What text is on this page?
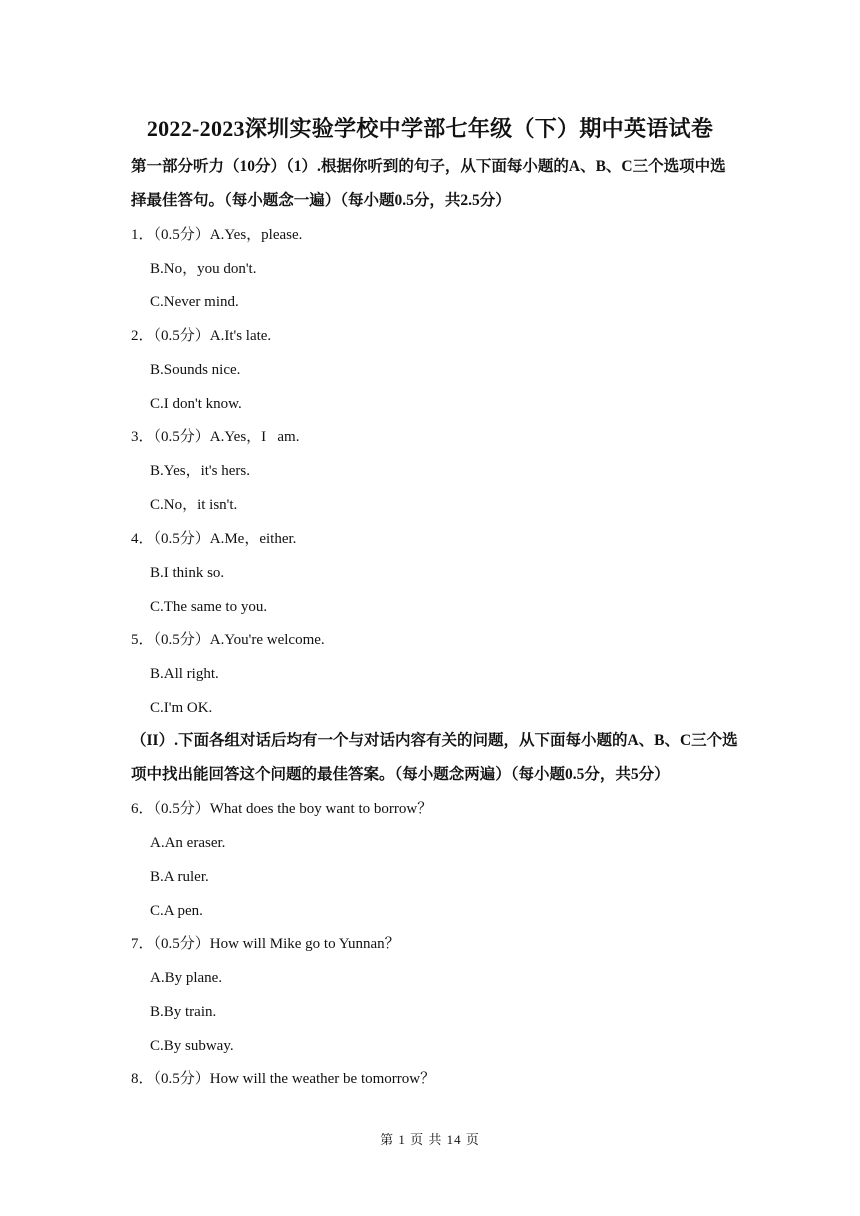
2022-2023深圳实验学校中学部七年级（下）期中英语试卷
第一部分听力（10分）（1）.根据你听到的句子，从下面每小题的A、B、C三个选项中选
择最佳答句。（每小题念一遍）（每小题0.5分，共2.5分）
1．（0.5分）A.Yes，please.
B.No，you don't.
C.Never mind.
2．（0.5分）A.It's late.
B.Sounds nice.
C.I don't know.
3．（0.5分）A.Yes，I   am.
B.Yes，it's hers.
C.No，it isn't.
4．（0.5分）A.Me，either.
B.I think so.
C.The same to you.
5．（0.5分）A.You're welcome.
B.All right.
C.I'm OK.
（II）.下面各组对话后均有一个与对话内容有关的问题，从下面每小题的A、B、C三个选
项中找出能回答这个问题的最佳答案。（每小题念两遍）（每小题0.5分，共5分）
6．（0.5分）What does the boy want to borrow？
A.An eraser.
B.A ruler.
C.A pen.
7．（0.5分）How will Mike go to Yunnan？
A.By plane.
B.By train.
C.By subway.
8．（0.5分）How will the weather be tomorrow？
第 1 页 共 14 页
